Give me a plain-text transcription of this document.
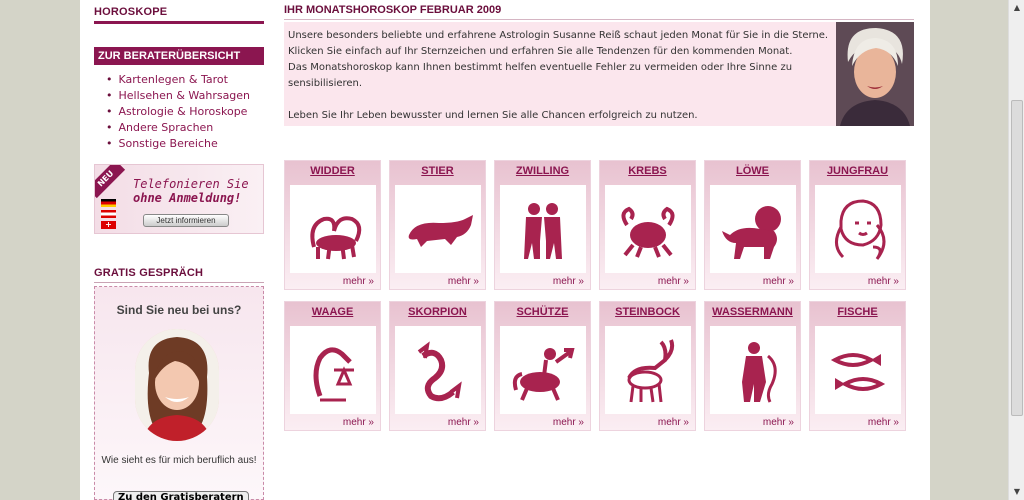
HOROSKOPE
ZUR BERATERÜBERSICHT
• Kartenlegen & Tarot
• Hellsehen & Wahrsagen
• Astrologie & Horoskope
• Andere Sprachen
• Sonstige Bereiche
NEU	Telefonieren Sie
ohne Anmeldung!
+	Jetzt informieren
GRATIS GESPRÄCH
Sind Sie neu bei uns?
Wie sieht es für mich beruflich aus!
Zu den Gratisberatern
IHR MONATSHOROSKOP FEBRUAR 2009

Unsere besonders beliebte und erfahrene Astrologin Susanne Reiß schaut jeden Monat für Sie in die Sterne.

Klicken Sie einfach auf Ihr Sternzeichen und erfahren Sie alle Tendenzen für den kommenden Monat.

Das Monatshoroskop kann Ihnen bestimmt helfen eventuelle Fehler zu vermeiden oder Ihre Sinne zu sensibilisieren.

Leben Sie Ihr Leben bewusster und lernen Sie alle Chancen erfolgreich zu nutzen.

WIDDER
mehr »
STIER
mehr »
ZWILLING
mehr »
KREBS
mehr »
LÖWE
mehr »
JUNGFRAU
mehr »
WAAGE
mehr »
SKORPION
mehr »
SCHÜTZE
mehr »
STEINBOCK
mehr »
WASSERMANN
mehr »
FISCHE
mehr »
▲
▼
